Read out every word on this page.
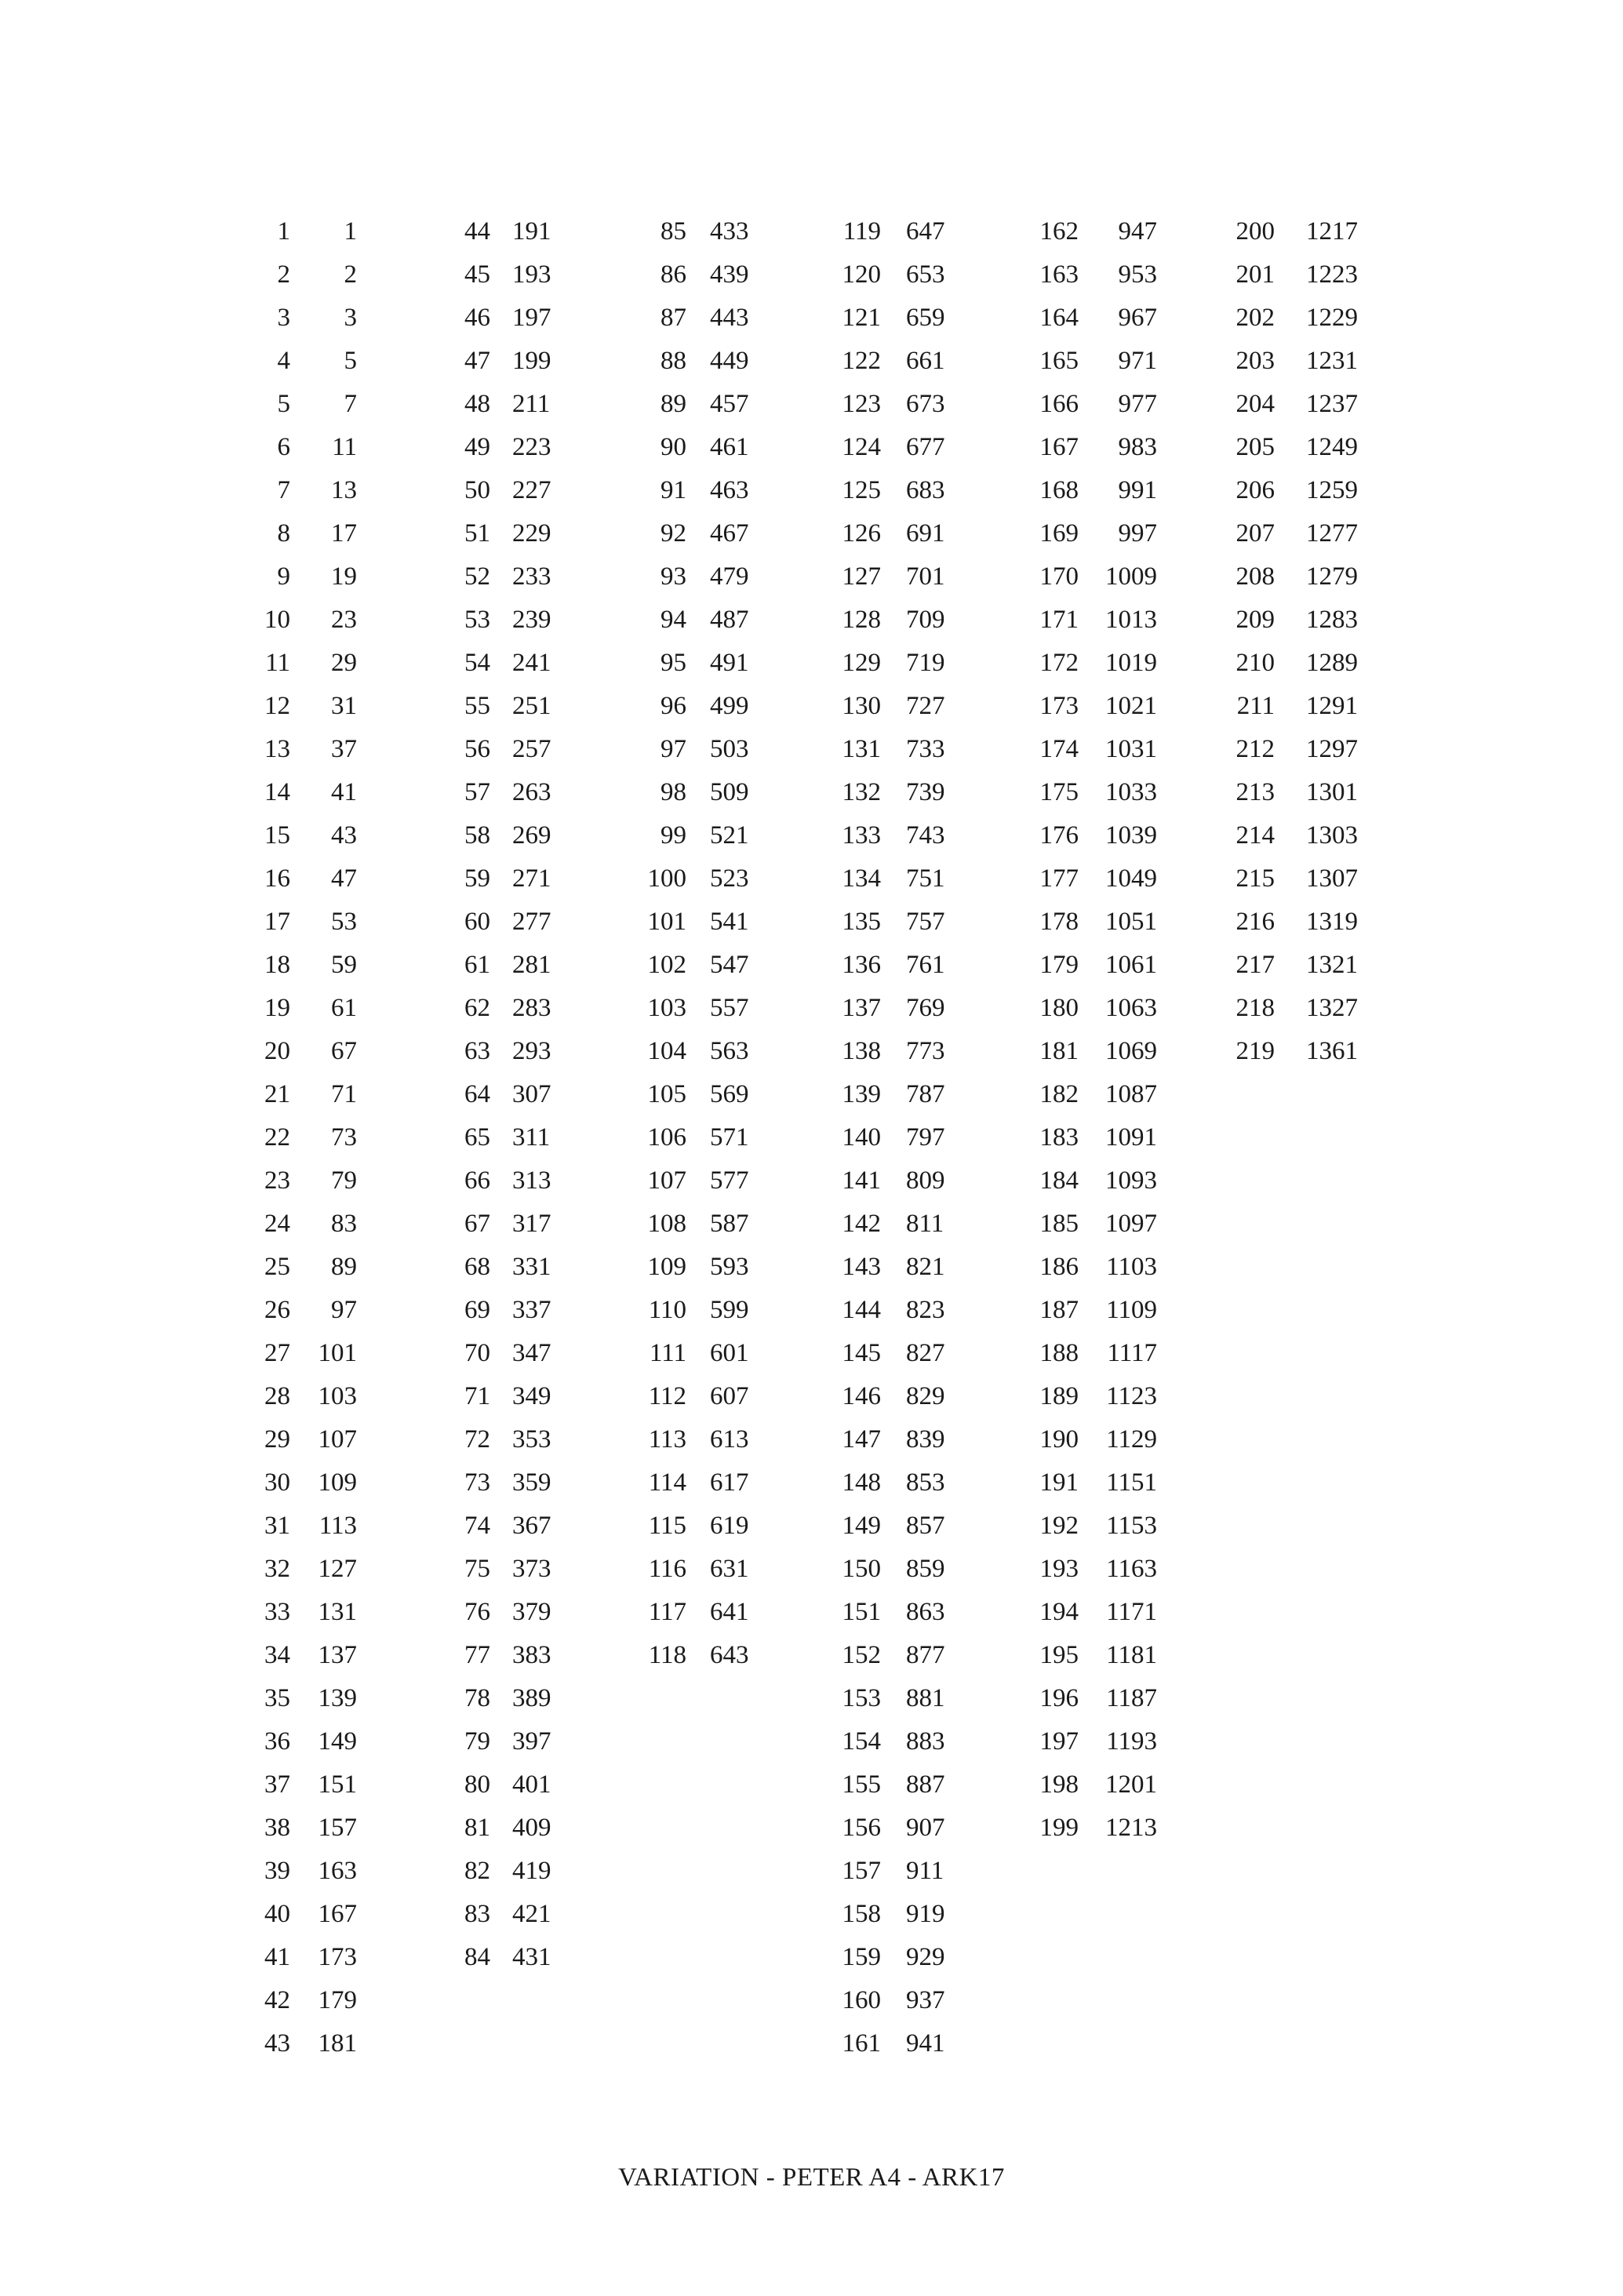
1	1
2	2
3	3
4	5
5	7
6	11
7	13
8	17
9	19
10	23
11	29
12	31
13	37
14	41
15	43
16	47
17	53
18	59
19	61
20	67
21	71
22	73
23	79
24	83
25	89
26	97
27	101
28	103
29	107
30	109
31	113
32	127
33	131
34	137
35	139
36	149
37	151
38	157
39	163
40	167
41	173
42	179
43	181
44 191
45 193
46 197
47 199
48 211
49 223
50 227
51 229
52 233
53 239
54 241
55 251
56 257
57 263
58 269
59 271
60 277
61 281
62 283
63 293
64 307
65 311
66 313
67 317
68 331
69 337
70 347
71 349
72 353
73 359
74 367
75 373
76 379
77 383
78 389
79 397
80 401
81 409
82 419
83 421
84 431
85 433
86 439
87 443
88 449
89 457
90 461
91 463
92 467
93 479
94 487
95 491
96 499
97 503
98 509
99 521
100 523
101 541
102 547
103 557
104 563
105 569
106 571
107 577
108 587
109 593
110 599
111 601
112 607
113 613
114 617
115 619
116 631
117 641
118 643
119 647
120 653
121 659
122 661
123 673
124 677
125 683
126 691
127 701
128 709
129 719
130 727
131 733
132 739
133 743
134 751
135 757
136 761
137 769
138 773
139 787
140 797
141 809
142 811
143 821
144 823
145 827
146 829
147 839
148 853
149 857
150 859
151 863
152 877
153 881
154 883
155 887
156 907
157 911
158 919
159 929
160 937
161 941
162	947
163	953
164	967
165	971
166	977
167	983
168	991
169	997
170	1009
171	1013
172	1019
173	1021
174	1031
175	1033
176	1039
177	1049
178	1051
179	1061
180	1063
181	1069
182	1087
183	1091
184	1093
185	1097
186	1103
187	1109
188	1117
189	1123
190	1129
191	1151
192	1153
193	1163
194	1171
195	1181
196	1187
197	1193
198	1201
199	1213
200 1217
201 1223
202 1229
203 1231
204 1237
205 1249
206 1259
207 1277
208 1279
209 1283
210 1289
211 1291
212 1297
213 1301
214 1303
215 1307
216 1319
217 1321
218 1327
219 1361
VARIATION - PETER A4 - ARK17
